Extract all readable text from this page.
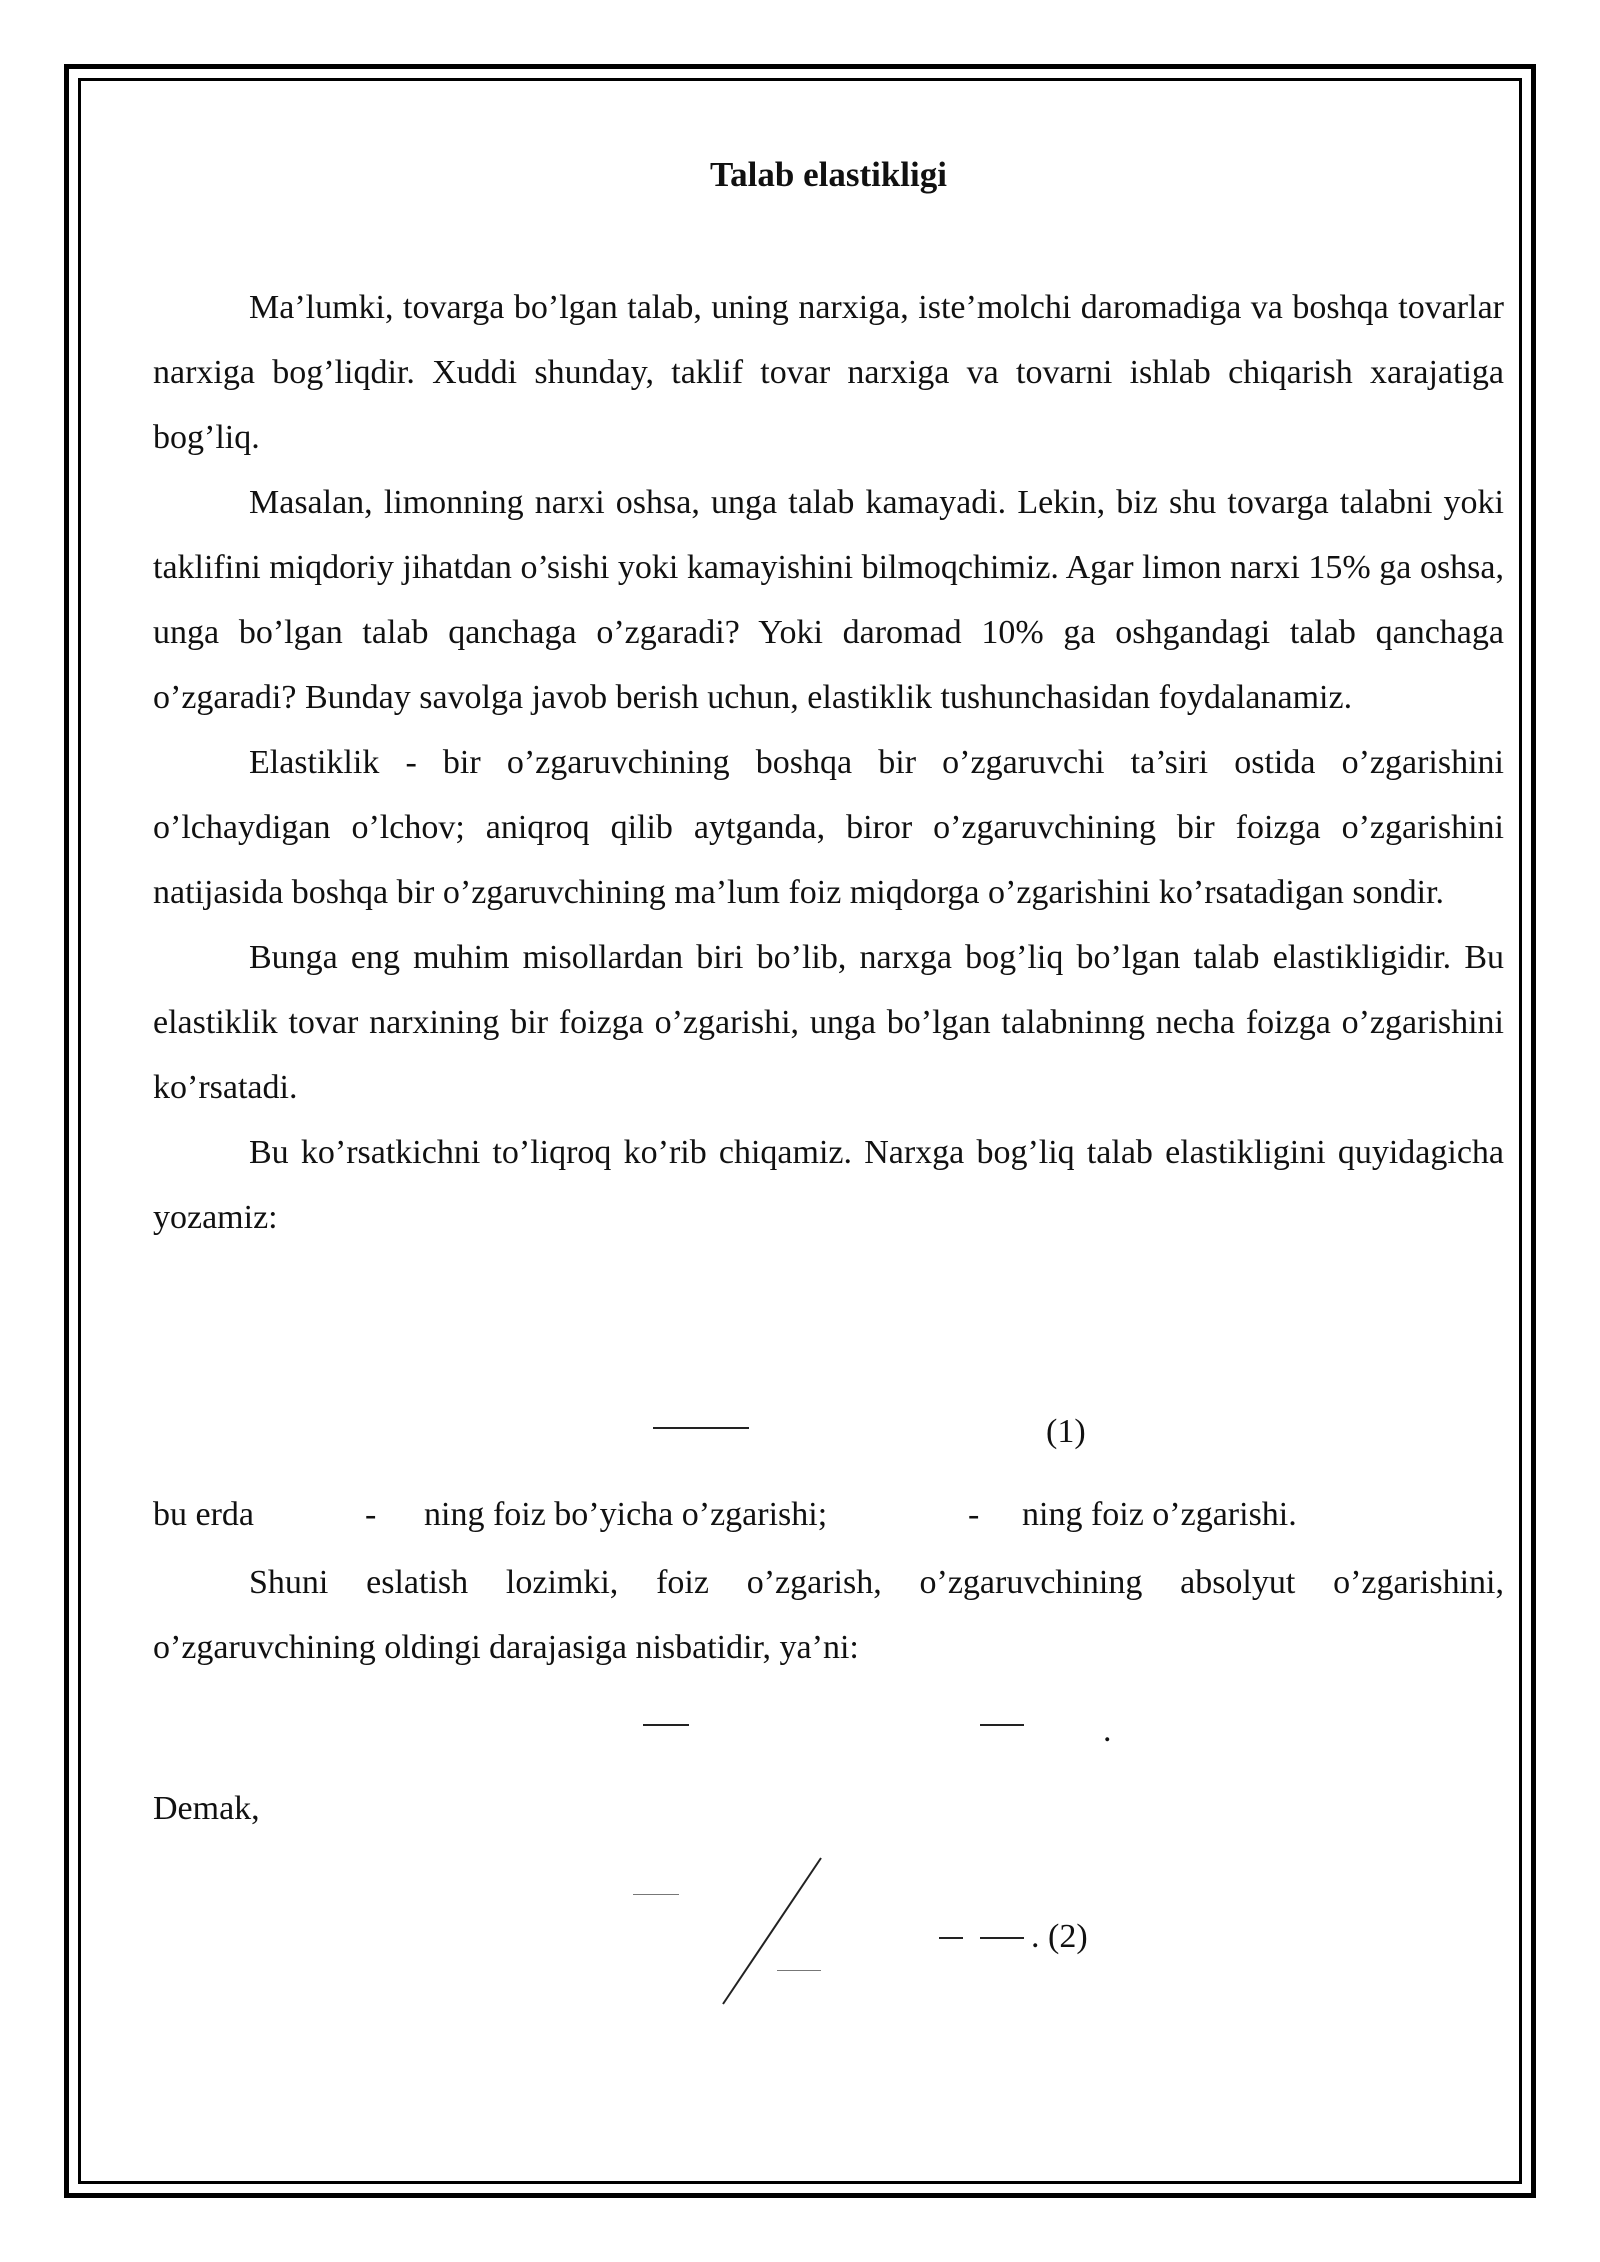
Talab elastikligi

Ma’lumki, tovarga bo’lgan talab, uning narxiga, iste’molchi daromadiga va boshqa tovarlar narxiga bog’liqdir. Xuddi shunday, taklif tovar narxiga va tovarni ishlab chiqarish xarajatiga bog’liq.

Masalan, limonning narxi oshsa, unga talab kamayadi. Lekin, biz shu tovarga talabni yoki taklifini miqdoriy jihatdan o’sishi yoki kamayishini bilmoqchimiz. Agar limon narxi 15% ga oshsa, unga bo’lgan talab qanchaga o’zgaradi? Yoki daromad 10% ga oshgandagi talab qanchaga o’zgaradi? Bunday savolga javob berish uchun, elastiklik tushunchasidan foydalanamiz.

Elastiklik - bir o’zgaruvchining boshqa bir o’zgaruvchi ta’siri ostida o’zgarishini o’lchaydigan o’lchov; aniqroq qilib aytganda, biror o’zgaruvchining bir foizga o’zgarishini natijasida boshqa bir o’zgaruvchining ma’lum foiz miqdorga o’zgarishini ko’rsatadigan sondir.

Bunga eng muhim misollardan biri bo’lib, narxga bog’liq bo’lgan talab elastikligidir. Bu elastiklik tovar narxining bir foizga o’zgarishi, unga bo’lgan talabninng necha foizga o’zgarishini ko’rsatadi.

Bu ko’rsatkichni to’liqroq ko’rib chiqamiz. Narxga bog’liq talab elastikligini quyidagicha yozamiz:

(1)
bu erda	- ning foiz bo’yicha o’zgarishi;	- ning foiz o’zgarishi.

Shuni eslatish lozimki, foiz o’zgarish, o’zgaruvchining absolyut o’zgarishini, o’zgaruvchining oldingi darajasiga nisbatidir, ya’ni:

.
Demak,
. (2)
